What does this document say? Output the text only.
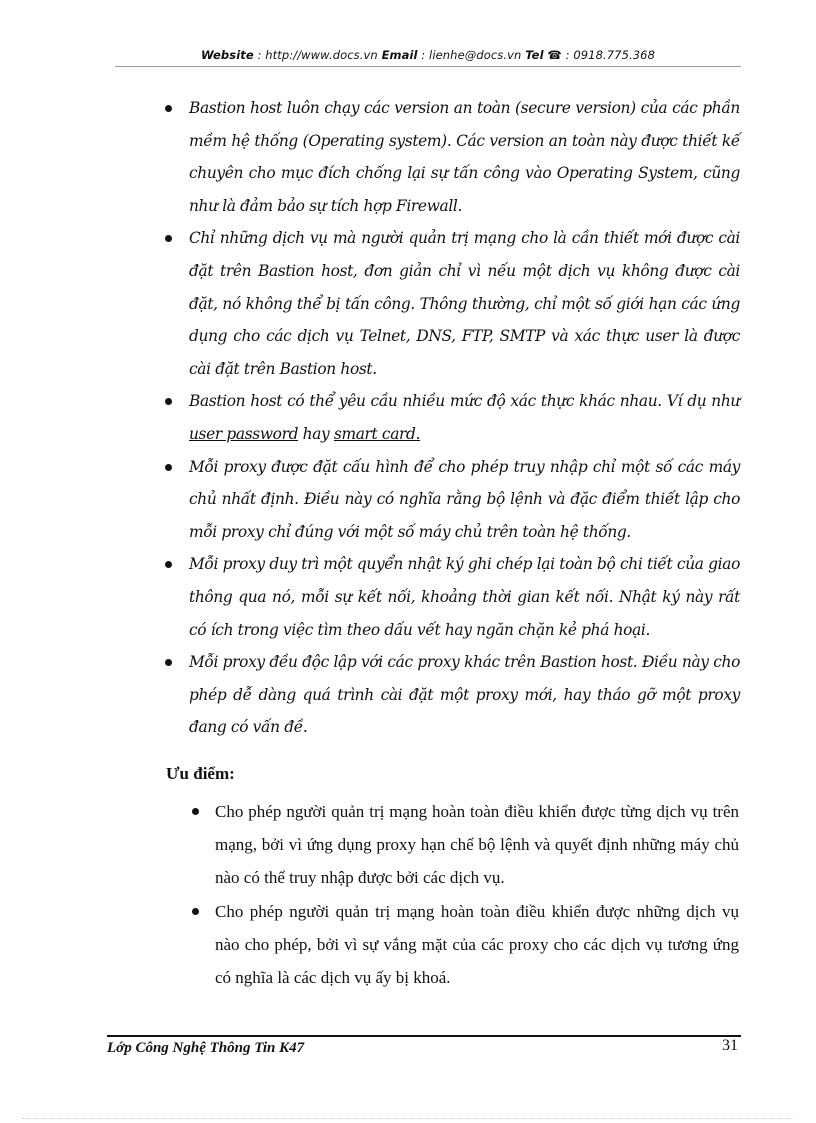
Website : http://www.docs.vn Email : lienhe@docs.vn Tel ☎ : 0918.775.368
Bastion host luôn chạy các version an toàn (secure version) của các phần mềm hệ thống (Operating system). Các version an toàn này được thiết kế chuyên cho mục đích chống lại sự tấn công vào Operating System, cũng như là đảm bảo sự tích hợp Firewall.
Chỉ những dịch vụ mà người quản trị mạng cho là cần thiết mới được cài đặt trên Bastion host, đơn giản chỉ vì nếu một dịch vụ không được cài đặt, nó không thể bị tấn công. Thông thường, chỉ một số giới hạn các ứng dụng cho các dịch vụ Telnet, DNS, FTP, SMTP và xác thực user là được cài đặt trên Bastion host.
Bastion host có thể yêu cầu nhiều mức độ xác thực khác nhau. Ví dụ như user password hay smart card.
Mỗi proxy được đặt cấu hình để cho phép truy nhập chỉ một số các máy chủ nhất định. Điều này có nghĩa rằng bộ lệnh và đặc điểm thiết lập cho mỗi proxy chỉ đúng với một số máy chủ trên toàn hệ thống.
Mỗi proxy duy trì một quyển nhật ký ghi chép lại toàn bộ chi tiết của giao thông qua nó, mỗi sự kết nối, khoảng thời gian kết nối. Nhật ký này rất có ích trong việc tìm theo dấu vết hay ngăn chặn kẻ phá hoại.
Mỗi proxy đều độc lập với các proxy khác trên Bastion host. Điều này cho phép dễ dàng quá trình cài đặt một proxy mới, hay tháo gỡ một proxy đang có vấn đề.
Ưu điểm:
Cho phép người quản trị mạng hoàn toàn điều khiển được từng dịch vụ trên mạng, bởi vì ứng dụng proxy hạn chế bộ lệnh và quyết định những máy chủ nào có thể truy nhập được bởi các dịch vụ.
Cho phép người quản trị mạng hoàn toàn điều khiển được những dịch vụ nào cho phép, bởi vì sự vắng mặt của các proxy cho các dịch vụ tương ứng có nghĩa là các dịch vụ ấy bị khoá.
Lớp Công Nghệ Thông Tin K47	31
